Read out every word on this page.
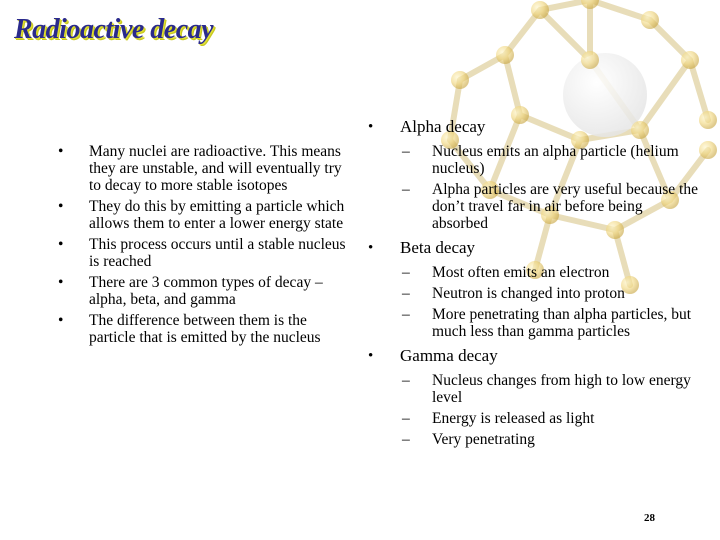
Radioactive decay
• Many nuclei are radioactive. This means they are unstable, and will eventually try to decay to more stable isotopes
• They do this by emitting a particle which allows them to enter a lower energy state
• This process occurs until a stable nucleus is reached
• There are 3 common types of decay – alpha, beta, and gamma
• The difference between them is the particle that is emitted by the nucleus
• Alpha decay
– Nucleus emits an alpha particle (helium nucleus)
– Alpha particles are very useful because the don’t travel far in air before being absorbed
• Beta decay
– Most often emits an electron
– Neutron is changed into proton
– More penetrating than alpha particles, but much less than gamma particles
• Gamma decay
– Nucleus changes from high to low energy level
– Energy is released as light
– Very penetrating
28
